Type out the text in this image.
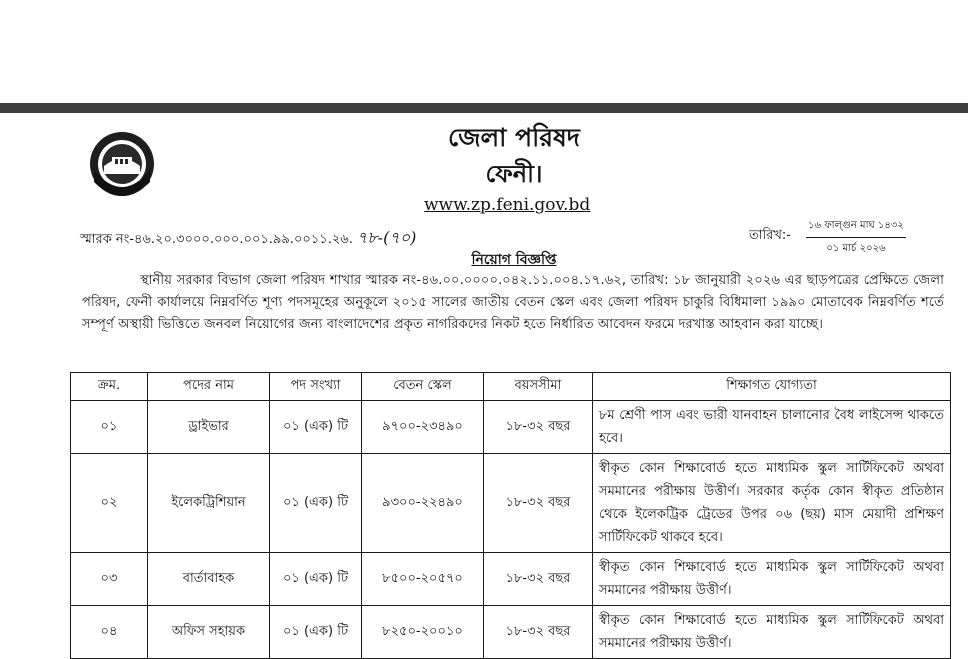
জেলা পরিষদ
ফেনী।
www.zp.feni.gov.bd
স্মারক নং-৪৬.২০.৩০০০.০০০.০০১.৯৯.০০১১.২৬. ৭৮-(৭০)	তারিখ:-
১৬ ফাল্গুন মাঘ ১৪৩২
০১ মার্চ ২০২৬
নিয়োগ বিজ্ঞপ্তি
স্থানীয় সরকার বিভাগ জেলা পরিষদ শাখার স্মারক নং-৪৬.০০.০০০০.০৪২.১১.০০৪.১৭.৬২, তারিখ: ১৮ জানুয়ারী ২০২৬ এর ছাড়পত্রের প্রেক্ষিতে জেলা পরিষদ, ফেনী কার্যালয়ে নিম্নবর্ণিত শূণ্য পদসমূহের অনুকূলে ২০১৫ সালের জাতীয় বেতন স্কেল এবং জেলা পরিষদ চাকুরি বিধিমালা ১৯৯০ মোতাবেক নিম্নবর্ণিত শর্তে সম্পূর্ণ অস্থায়ী ভিত্তিতে জনবল নিয়োগের জন্য বাংলাদেশের প্রকৃত নাগরিকদের নিকট হতে নির্ধারিত আবেদন ফরমে দরখাস্ত আহবান করা যাচ্ছে।
ক্রম.	পদের নাম	পদ সংখ্যা	বেতন স্কেল	বয়সসীমা	শিক্ষাগত যোগ্যতা
০১	ড্রাইভার	০১ (এক) টি	৯৭০০-২৩৪৯০	১৮-৩২ বছর	৮ম শ্রেণী পাস এবং ভারী যানবাহন চালানোর বৈধ লাইসেন্স থাকতে হবে।
০২	ইলেকট্রিশিয়ান	০১ (এক) টি	৯৩০০-২২৪৯০	১৮-৩২ বছর	স্বীকৃত কোন শিক্ষাবোর্ড হতে মাধ্যমিক স্কুল সার্টিফিকেট অথবা সমমানের পরীক্ষায় উত্তীর্ণ। সরকার কর্তৃক কোন স্বীকৃত প্রতিষ্ঠান থেকে ইলেকট্রিক ট্রেডের উপর ০৬ (ছয়) মাস মেয়াদী প্রশিক্ষণ সার্টিফিকেট থাকবে হবে।
০৩	বার্তাবাহক	০১ (এক) টি	৮৫০০-২০৫৭০	১৮-৩২ বছর	স্বীকৃত কোন শিক্ষাবোর্ড হতে মাধ্যমিক স্কুল সার্টিফিকেট অথবা সমমানের পরীক্ষায় উত্তীর্ণ।
০৪	অফিস সহায়ক	০১ (এক) টি	৮২৫০-২০০১০	১৮-৩২ বছর	স্বীকৃত কোন শিক্ষাবোর্ড হতে মাধ্যমিক স্কুল সার্টিফিকেট অথবা সমমানের পরীক্ষায় উত্তীর্ণ।
